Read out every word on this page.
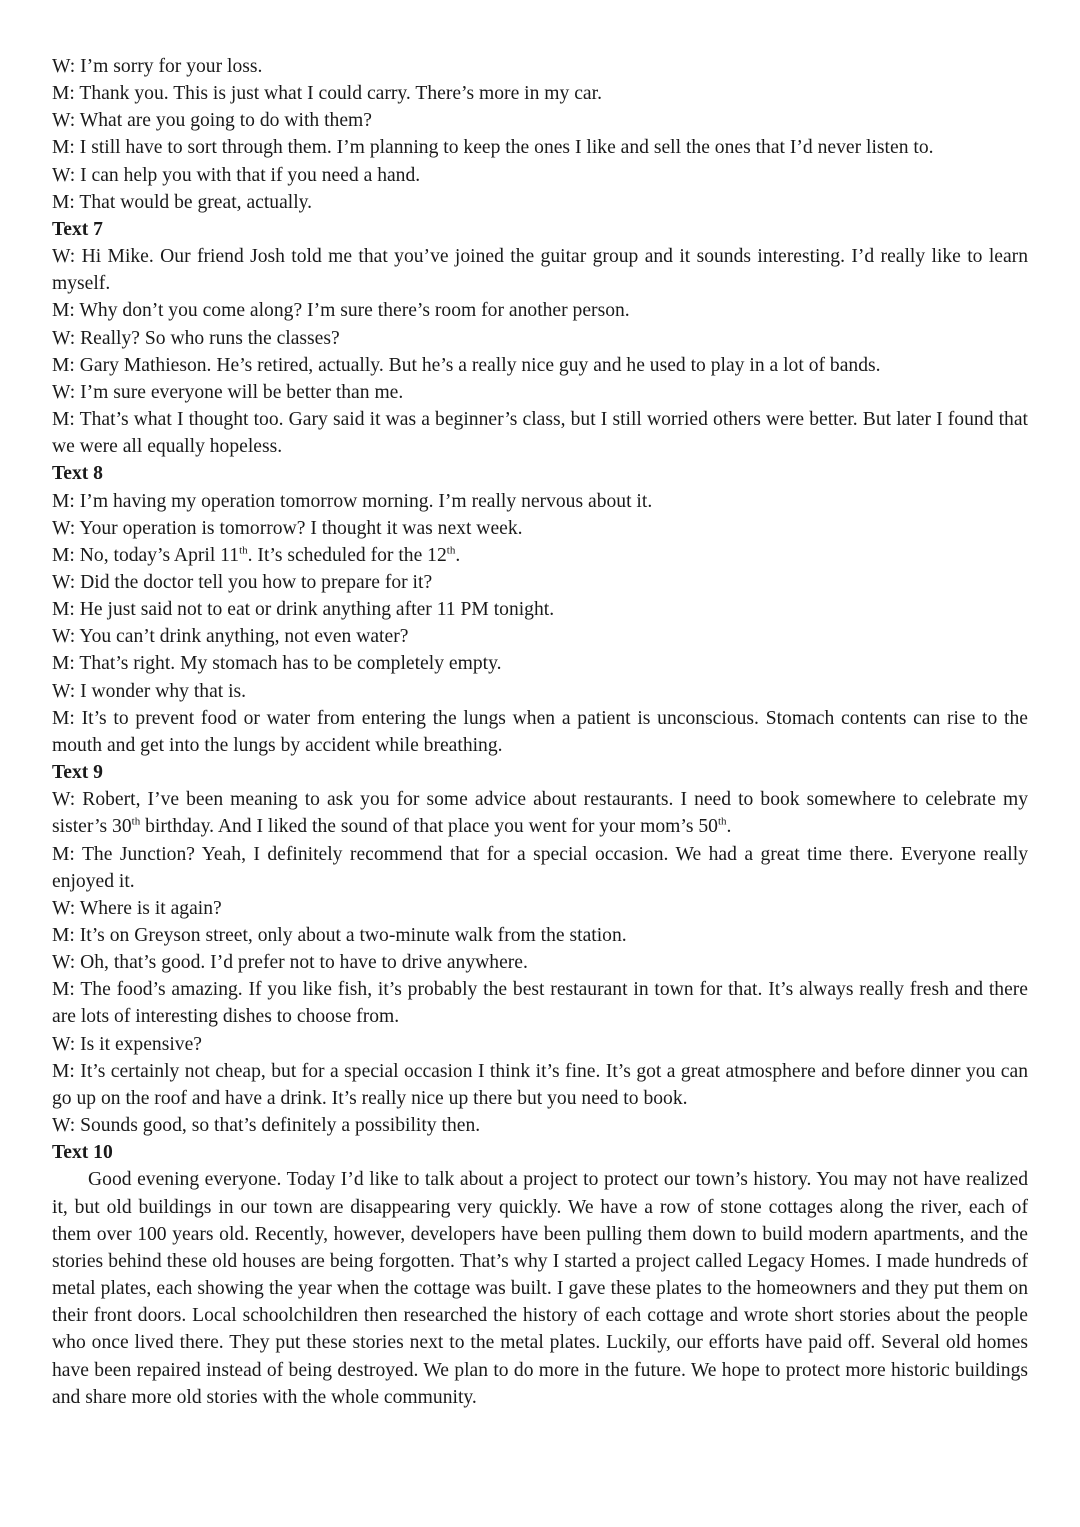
W: I’m sorry for your loss.

M: Thank you. This is just what I could carry. There’s more in my car.

W: What are you going to do with them?

M: I still have to sort through them. I’m planning to keep the ones I like and sell the ones that I’d never listen to.

W: I can help you with that if you need a hand.

M: That would be great, actually.

Text 7

W: Hi Mike. Our friend Josh told me that you’ve joined the guitar group and it sounds interesting. I’d really like to learn myself.

M: Why don’t you come along? I’m sure there’s room for another person.

W: Really? So who runs the classes?

M: Gary Mathieson. He’s retired, actually. But he’s a really nice guy and he used to play in a lot of bands.

W: I’m sure everyone will be better than me.

M: That’s what I thought too. Gary said it was a beginner’s class, but I still worried others were better. But later I found that we were all equally hopeless.

Text 8

M: I’m having my operation tomorrow morning. I’m really nervous about it.

W: Your operation is tomorrow? I thought it was next week.

M: No, today’s April 11th. It’s scheduled for the 12th.

W: Did the doctor tell you how to prepare for it?

M: He just said not to eat or drink anything after 11 PM tonight.

W: You can’t drink anything, not even water?

M: That’s right. My stomach has to be completely empty.

W: I wonder why that is.

M: It’s to prevent food or water from entering the lungs when a patient is unconscious. Stomach contents can rise to the mouth and get into the lungs by accident while breathing.

Text 9

W: Robert, I’ve been meaning to ask you for some advice about restaurants. I need to book somewhere to celebrate my sister’s 30th birthday. And I liked the sound of that place you went for your mom’s 50th.

M: The Junction? Yeah, I definitely recommend that for a special occasion. We had a great time there. Everyone really enjoyed it.

W: Where is it again?

M: It’s on Greyson street, only about a two-minute walk from the station.

W: Oh, that’s good. I’d prefer not to have to drive anywhere.

M: The food’s amazing. If you like fish, it’s probably the best restaurant in town for that. It’s always really fresh and there are lots of interesting dishes to choose from.

W: Is it expensive?

M: It’s certainly not cheap, but for a special occasion I think it’s fine. It’s got a great atmosphere and before dinner you can go up on the roof and have a drink. It’s really nice up there but you need to book.

W: Sounds good, so that’s definitely a possibility then.

Text 10

Good evening everyone. Today I’d like to talk about a project to protect our town’s history. You may not have realized it, but old buildings in our town are disappearing very quickly. We have a row of stone cottages along the river, each of them over 100 years old. Recently, however, developers have been pulling them down to build modern apartments, and the stories behind these old houses are being forgotten. That’s why I started a project called Legacy Homes. I made hundreds of metal plates, each showing the year when the cottage was built. I gave these plates to the homeowners and they put them on their front doors. Local schoolchildren then researched the history of each cottage and wrote short stories about the people who once lived there. They put these stories next to the metal plates. Luckily, our efforts have paid off. Several old homes have been repaired instead of being destroyed. We plan to do more in the future. We hope to protect more historic buildings and share more old stories with the whole community.
